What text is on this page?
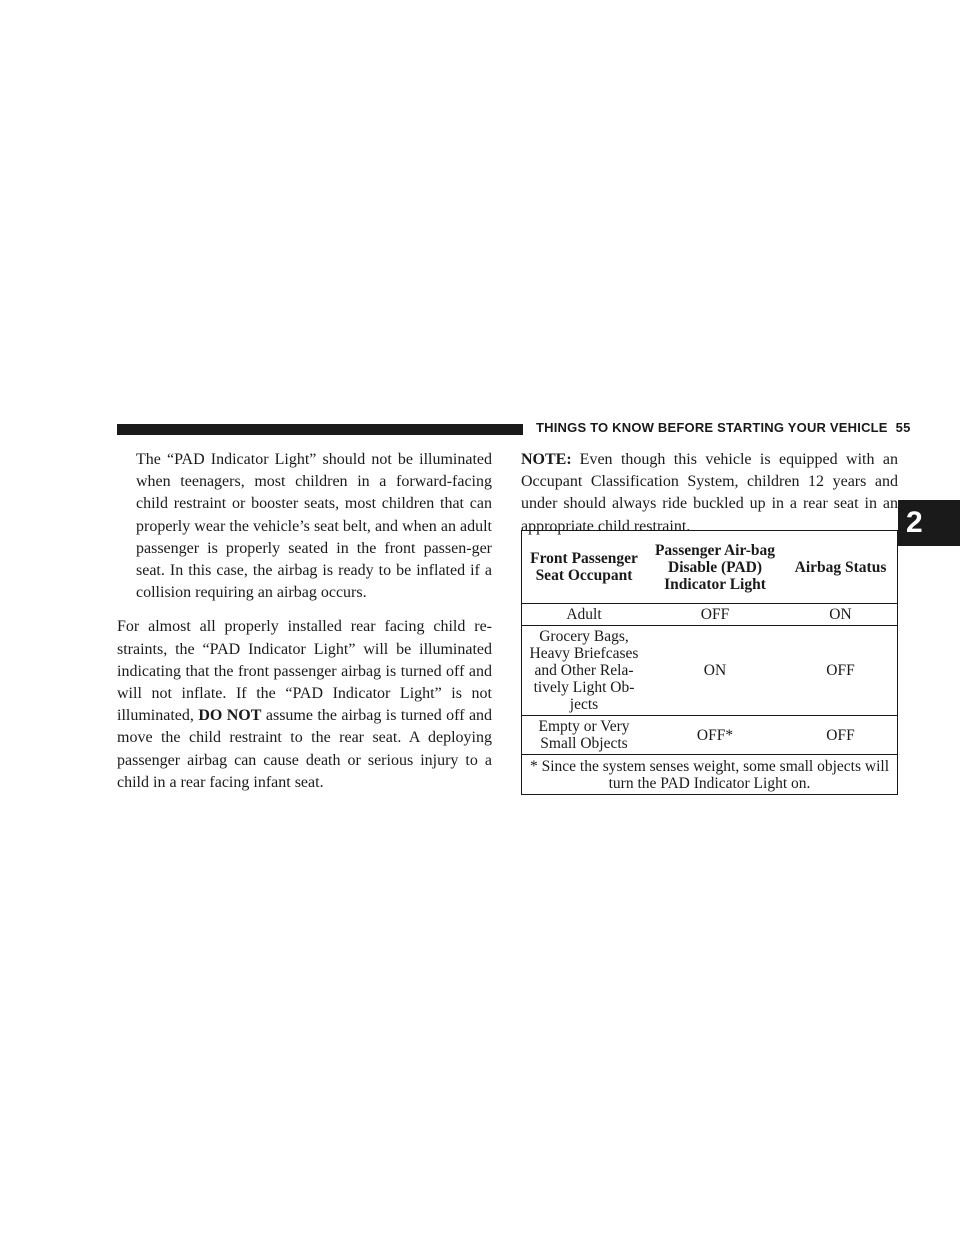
THINGS TO KNOW BEFORE STARTING YOUR VEHICLE 55
2

The “PAD Indicator Light” should not be illuminated when teenagers, most children in a forward-facing child restraint or booster seats, most children that can properly wear the vehicle’s seat belt, and when an adult passenger is properly seated in the front passen-ger seat. In this case, the airbag is ready to be inflated if a collision requiring an airbag occurs.

For almost all properly installed rear facing child re-straints, the “PAD Indicator Light” will be illuminated indicating that the front passenger airbag is turned off and will not inflate. If the “PAD Indicator Light” is not illuminated, DO NOT assume the airbag is turned off and move the child restraint to the rear seat. A deploying passenger airbag can cause death or serious injury to a child in a rear facing infant seat.

NOTE: Even though this vehicle is equipped with an Occupant Classification System, children 12 years and under should always ride buckled up in a rear seat in an appropriate child restraint.

Front Passenger Seat Occupant	Passenger Air-bag Disable (PAD) Indicator Light	Airbag Status
Adult	OFF	ON
Grocery Bags, Heavy Briefcases and Other Rela-tively Light Ob-jects	ON	OFF
Empty or Very Small Objects	OFF*	OFF
* Since the system senses weight, some small objects will turn the PAD Indicator Light on.		
